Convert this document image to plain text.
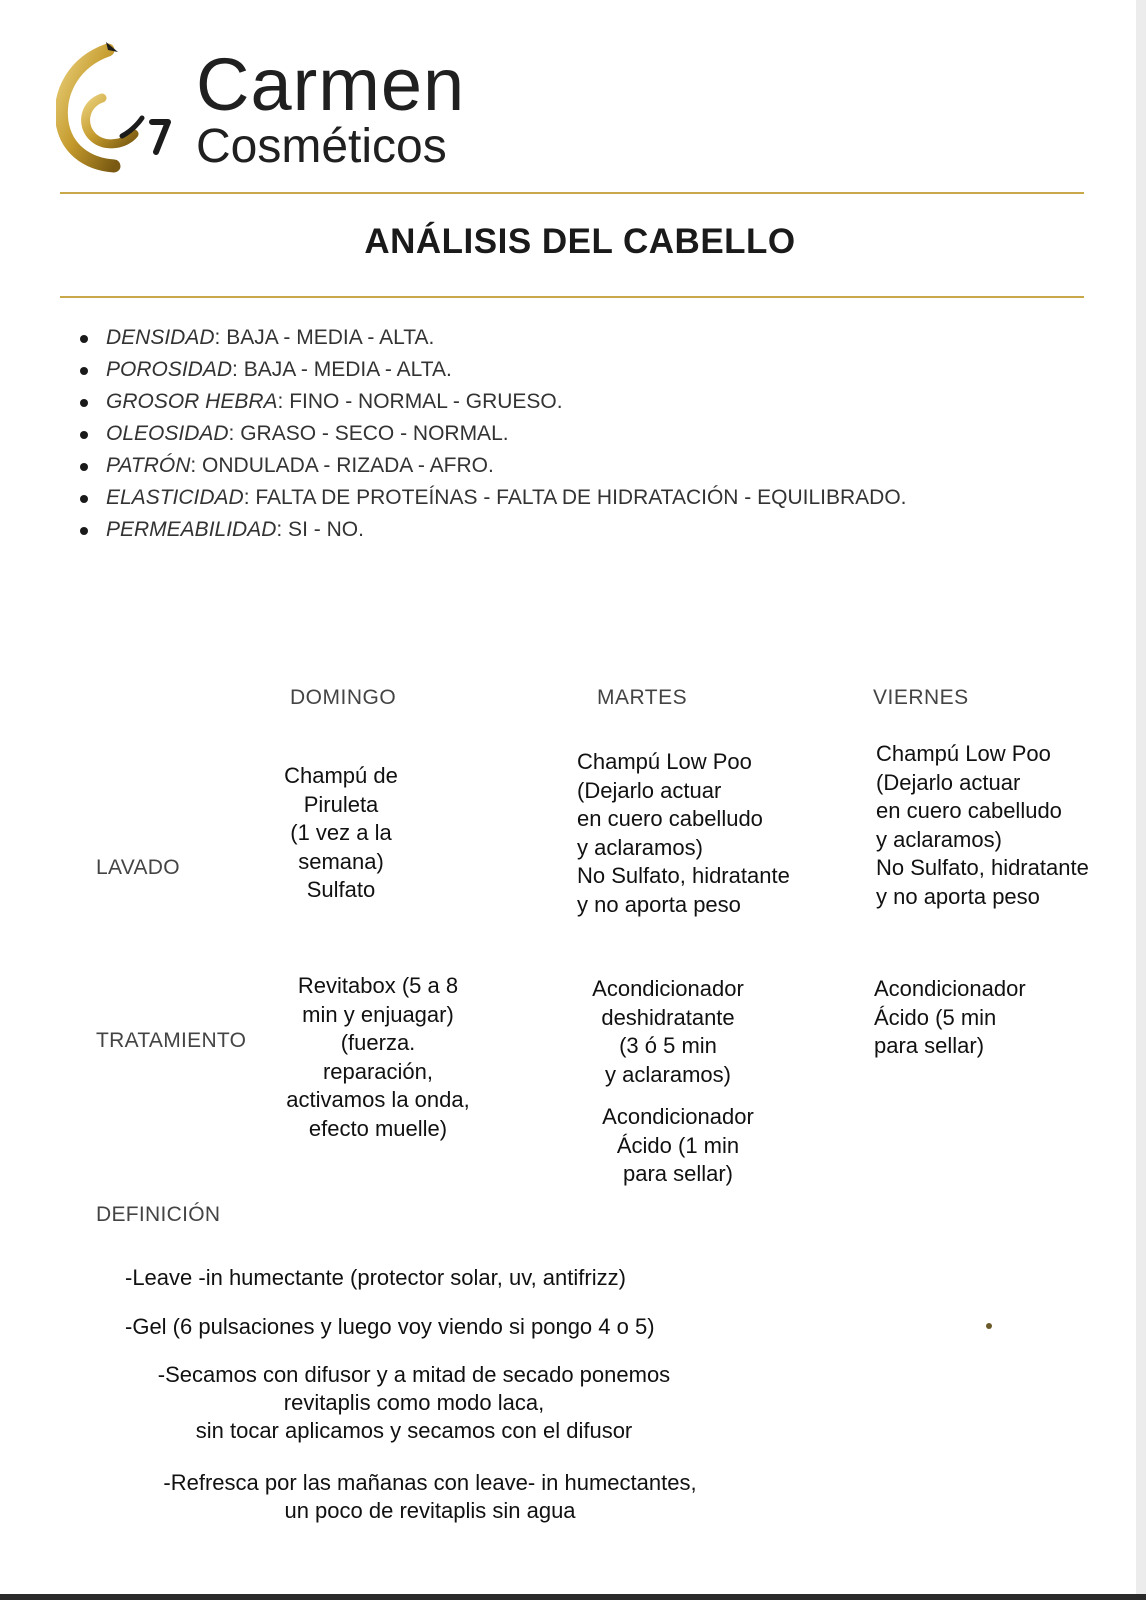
Carmen
Cosméticos
ANÁLISIS DEL CABELLO
DENSIDAD: BAJA - MEDIA - ALTA.
POROSIDAD: BAJA - MEDIA - ALTA.
GROSOR HEBRA: FINO - NORMAL - GRUESO.
OLEOSIDAD: GRASO - SECO - NORMAL.
PATRÓN: ONDULADA - RIZADA - AFRO.
ELASTICIDAD: FALTA DE PROTEÍNAS - FALTA DE HIDRATACIÓN - EQUILIBRADO.
PERMEABILIDAD: SI - NO.
DOMINGO	MARTES	VIERNES
LAVADO
TRATAMIENTO
DEFINICIÓN
Champú de
Piruleta
(1 vez a la
semana)
Sulfato
Champú Low Poo
(Dejarlo actuar
en cuero cabelludo
y aclaramos)
No Sulfato, hidratante
y no aporta peso
Champú Low Poo
(Dejarlo actuar
en cuero cabelludo
y aclaramos)
No Sulfato, hidratante
y no aporta peso
Revitabox (5 a 8
min y enjuagar)
(fuerza.
reparación,
activamos la onda,
efecto muelle)
Acondicionador
deshidratante
(3 ó 5 min
y aclaramos)
Acondicionador
Ácido (1 min
para sellar)
Acondicionador
Ácido (5 min
para sellar)
-Leave -in humectante (protector solar, uv, antifrizz)
-Gel (6 pulsaciones y luego voy viendo si pongo 4 o 5)
-Secamos con difusor y a mitad de secado ponemos
revitaplis como modo laca,
sin tocar aplicamos y secamos con el difusor
-Refresca por las mañanas con leave- in humectantes,
un poco de revitaplis sin agua
